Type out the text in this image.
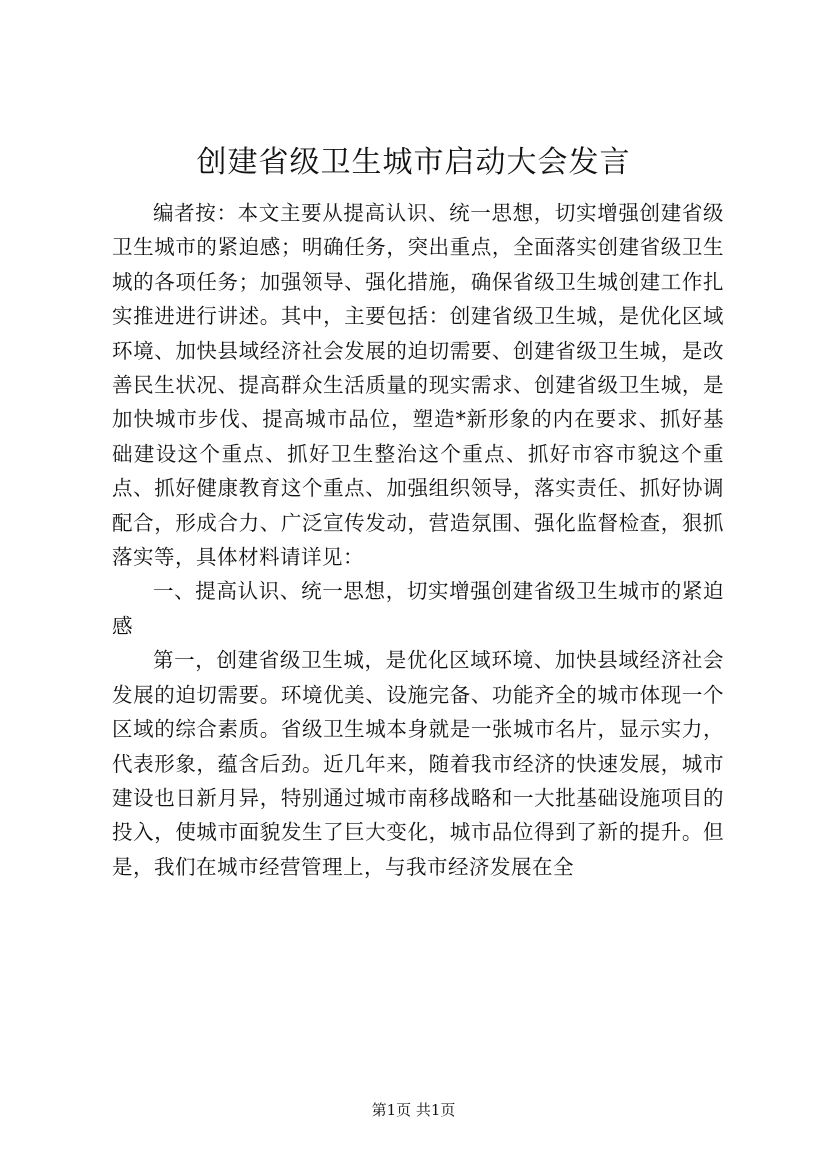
创建省级卫生城市启动大会发言

编者按：本文主要从提高认识、统一思想，切实增强创建省级卫生城市的紧迫感；明确任务，突出重点，全面落实创建省级卫生城的各项任务；加强领导、强化措施，确保省级卫生城创建工作扎实推进进行讲述。其中，主要包括：创建省级卫生城，是优化区域环境、加快县域经济社会发展的迫切需要、创建省级卫生城，是改善民生状况、提高群众生活质量的现实需求、创建省级卫生城，是加快城市步伐、提高城市品位，塑造*新形象的内在要求、抓好基础建设这个重点、抓好卫生整治这个重点、抓好市容市貌这个重点、抓好健康教育这个重点、加强组织领导，落实责任、抓好协调配合，形成合力、广泛宣传发动，营造氛围、强化监督检查，狠抓落实等，具体材料请详见：

一、提高认识、统一思想，切实增强创建省级卫生城市的紧迫感

第一，创建省级卫生城，是优化区域环境、加快县域经济社会发展的迫切需要。环境优美、设施完备、功能齐全的城市体现一个区域的综合素质。省级卫生城本身就是一张城市名片，显示实力，代表形象，蕴含后劲。近几年来，随着我市经济的快速发展，城市建设也日新月异，特别通过城市南移战略和一大批基础设施项目的投入，使城市面貌发生了巨大变化，城市品位得到了新的提升。但是，我们在城市经营管理上，与我市经济发展在全

第1页 共1页
